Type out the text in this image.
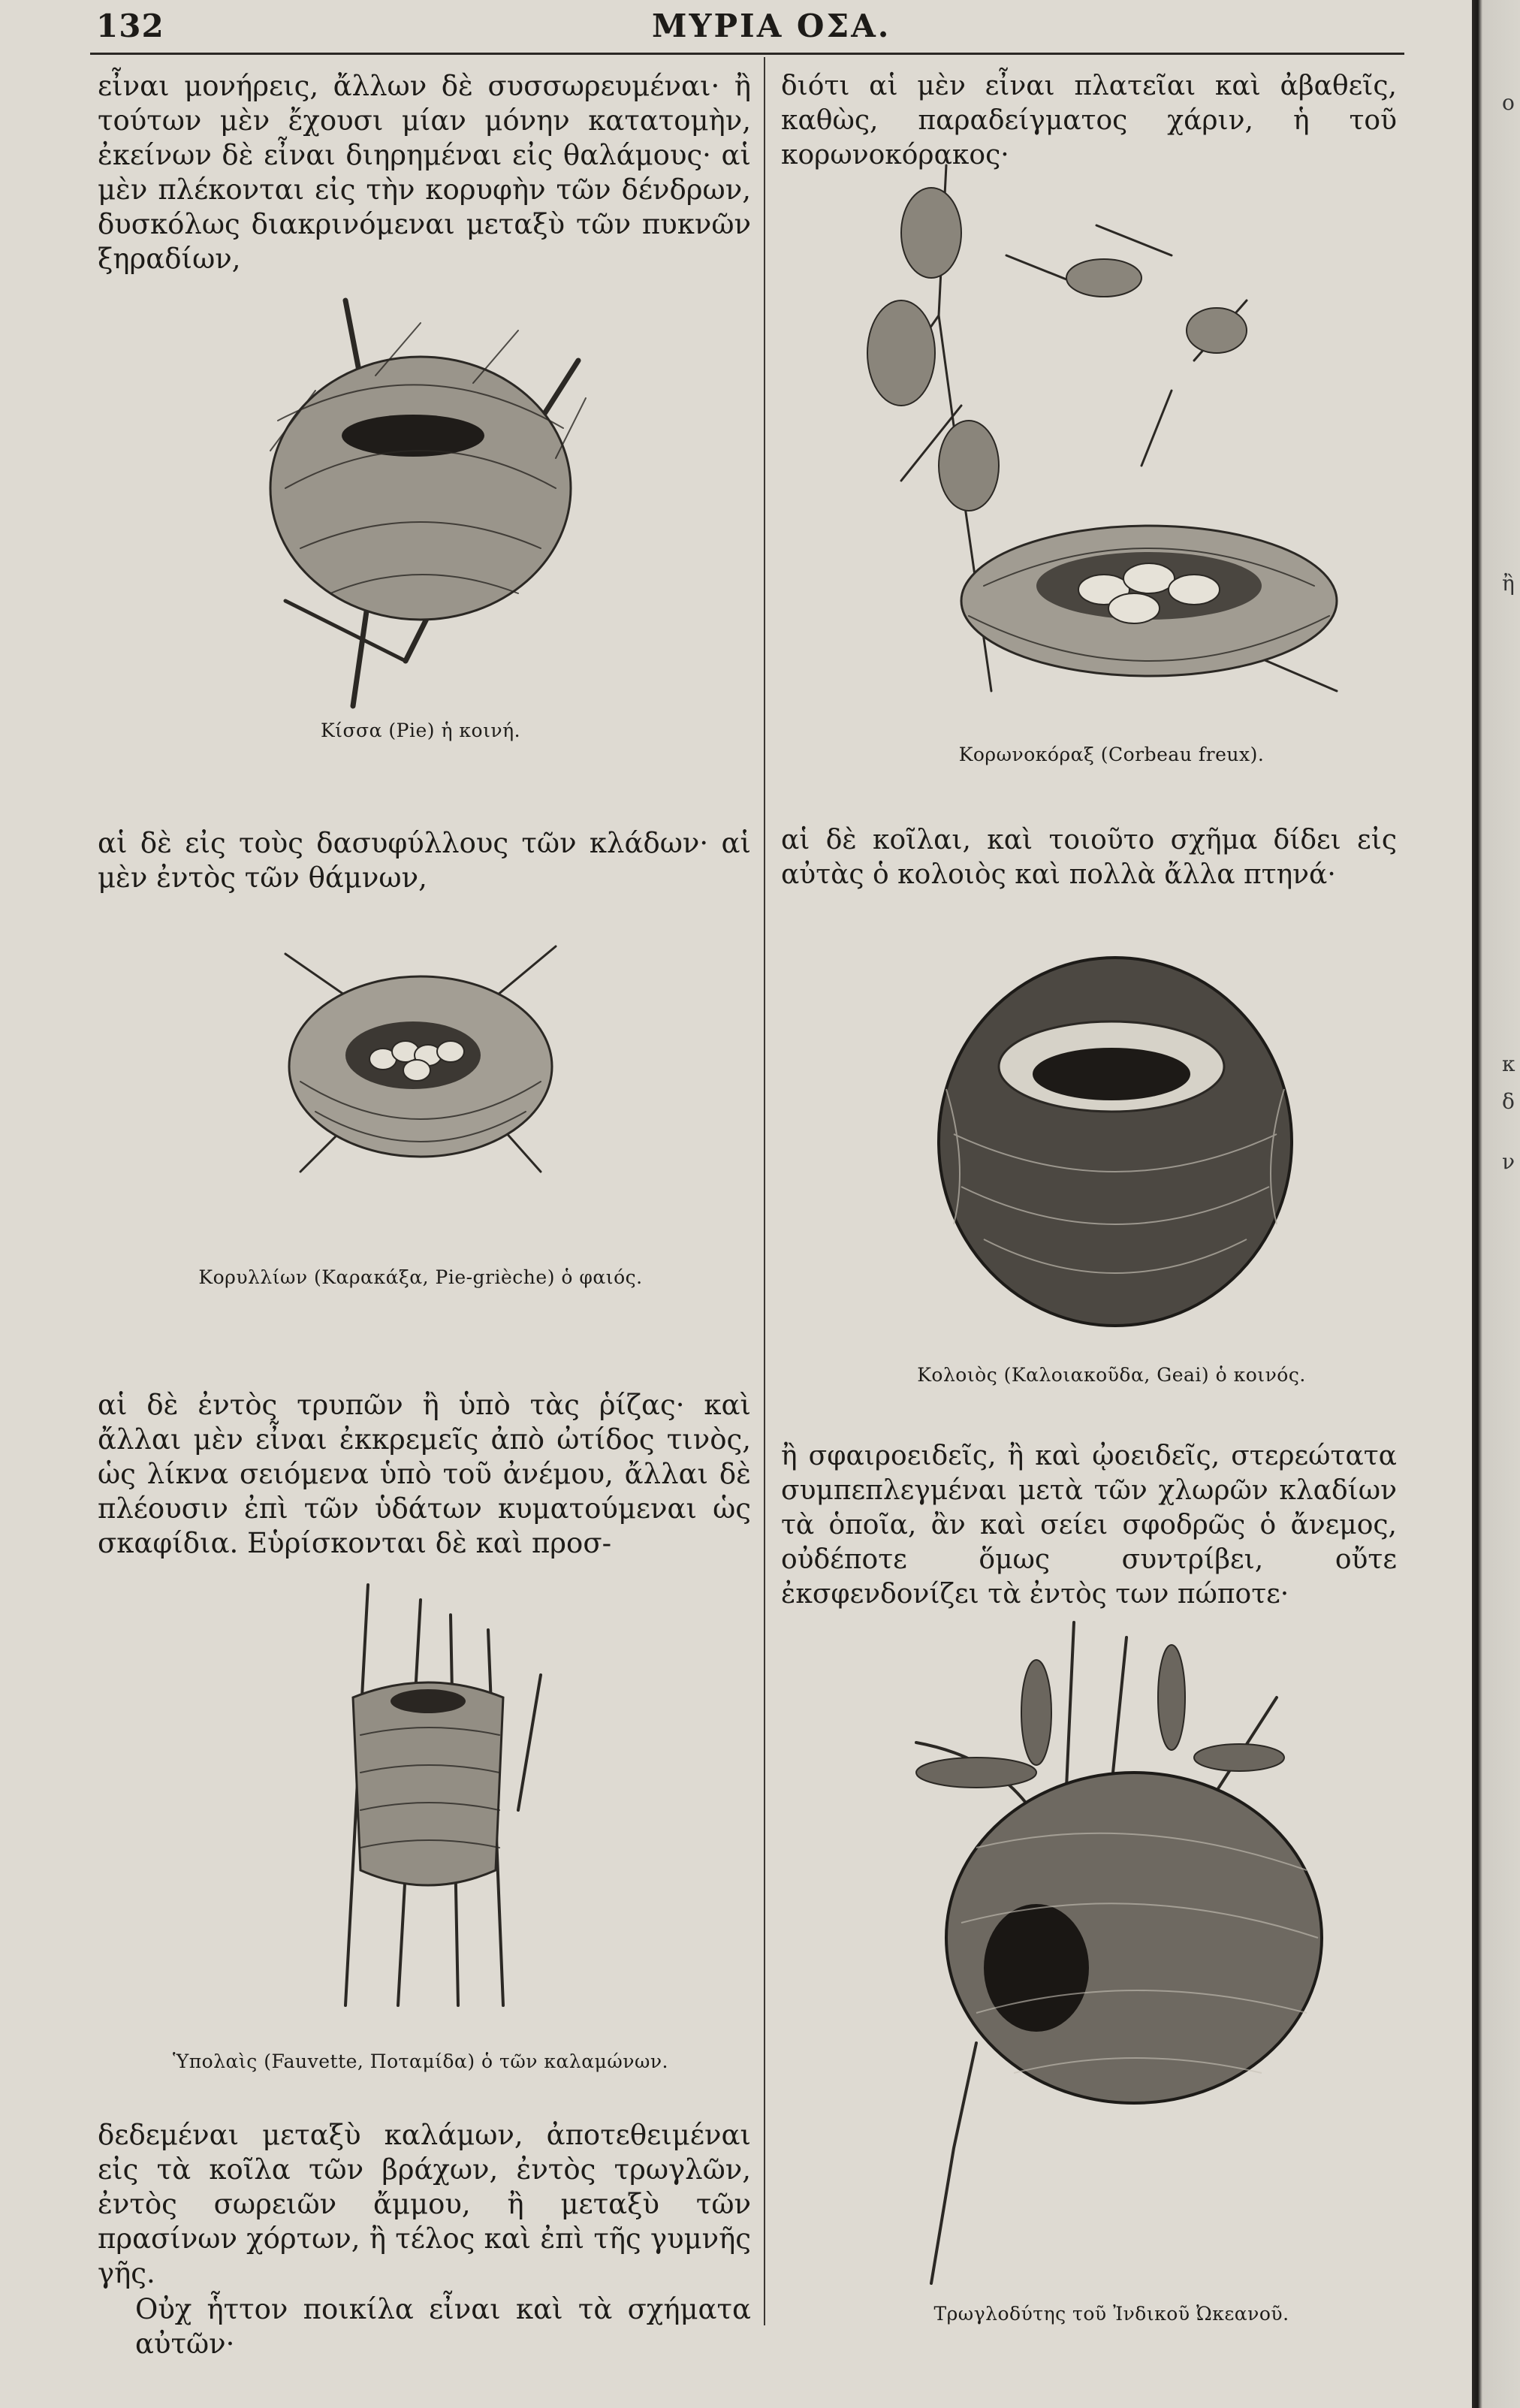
ο
ἢ
κ
δ
ν
132	ΜΥΡΙΑ ΟΣΑ.
εἶναι μονήρεις, ἄλλων δὲ συσσωρευμέναι· ἢ τούτων μὲν ἔχουσι μίαν μόνην κατατομὴν, ἐκείνων δὲ εἶναι διηρημέναι εἰς θαλάμους· αἱ μὲν πλέκονται εἰς τὴν κορυφὴν τῶν δένδρων, δυσκόλως διακρινόμεναι μεταξὺ τῶν πυκνῶν ξηραδίων,
Κίσσα (Pie) ἡ κοινή.
αἱ δὲ εἰς τοὺς δασυφύλλους τῶν κλάδων· αἱ μὲν ἐντὸς τῶν θάμνων,
Κορυλλίων (Καρακάξα, Pie-grièche) ὁ φαιός.
αἱ δὲ ἐντὸς τρυπῶν ἢ ὑπὸ τὰς ῥίζας· καὶ ἄλλαι μὲν εἶναι ἐκκρεμεῖς ἀπὸ ὠτίδος τινὸς, ὡς λίκνα σειόμενα ὑπὸ τοῦ ἀνέμου, ἄλλαι δὲ πλέουσιν ἐπὶ τῶν ὑδάτων κυματούμεναι ὡς σκαφίδια. Εὑρίσκονται δὲ καὶ προσ-
Ὑπολαὶς (Fauvette, Ποταμίδα) ὁ τῶν καλαμώνων.
δεδεμέναι μεταξὺ καλάμων, ἀποτεθειμέναι εἰς τὰ κοῖλα τῶν βράχων, ἐντὸς τρωγλῶν, ἐντὸς σωρειῶν ἄμμου, ἢ μεταξὺ τῶν πρασίνων χόρτων, ἢ τέλος καὶ ἐπὶ τῆς γυμνῆς γῆς.
Οὐχ ἧττον ποικίλα εἶναι καὶ τὰ σχήματα αὐτῶν·
διότι αἱ μὲν εἶναι πλατεῖαι καὶ ἀβαθεῖς, καθὼς, παραδείγματος χάριν, ἡ τοῦ κορωνοκόρακος·
Κορωνοκόραξ (Corbeau freux).
αἱ δὲ κοῖλαι, καὶ τοιοῦτο σχῆμα δίδει εἰς αὐτὰς ὁ κολοιὸς καὶ πολλὰ ἄλλα πτηνά·
Κολοιὸς (Καλοιακοῦδα, Geai) ὁ κοινός.
ἢ σφαιροειδεῖς, ἢ καὶ ᾠοειδεῖς, στερεώτατα συμπεπλεγμέναι μετὰ τῶν χλωρῶν κλαδίων τὰ ὁποῖα, ἂν καὶ σείει σφοδρῶς ὁ ἄνεμος, οὐδέποτε ὅμως συντρίβει, οὔτε ἐκσφενδονίζει τὰ ἐντὸς των πώποτε·
Τρωγλοδύτης τοῦ Ἰνδικοῦ Ὠκεανοῦ.
